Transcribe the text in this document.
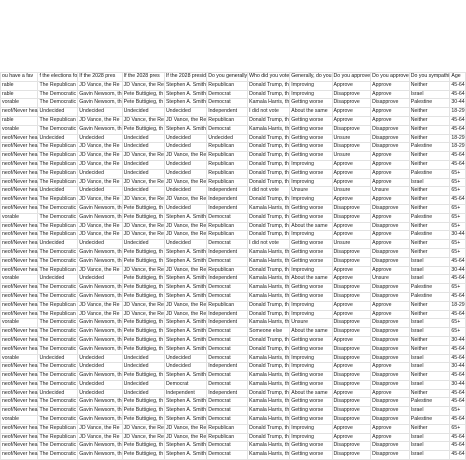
ou have a fav	f the elections fo	If the 2028 pres	If the 2028 pres	If the 2028 presid	Do you generally	Who did you vote	Generally, do you	Do you approve	Do you approve	Do you sympathi	Age
rable	The Republican	JD Vance, the Re	JD Vance, the Re	Stephen A. Smith	Republican	Donald Trump, th	Improving	Approve	Approve	Neither	45-64
rable	The Democratic	Gavin Newsom, th	Pete Buttigieg, th	Stephen A. Smith	Democrat	Donald Trump, th	Improving	Disapprove	Approve	Israel	45-64
vorable	The Democratic	Gavin Newsom, th	Pete Buttigieg, th	Stephen A. Smith	Democrat	Kamala Harris, th	Getting worse	Disapprove	Disapprove	Palestine	30-44
neof/Never hea	Undecided	Undecided	Undecided	Undecided	Independent	I did not vote	About the same	Approve	Approve	Neither	18-29
rable	The Republican	JD Vance, the Re	JD Vance, the Re	JD Vance, the Re	Republican	Donald Trump, th	Getting worse	Approve	Approve	Neither	45-64
vorable	The Democratic	Gavin Newsom, th	Pete Buttigieg, th	Stephen A. Smith	Democrat	Kamala Harris, th	Getting worse	Disapprove	Disapprove	Neither	45-64
neof/Never hea	Undecided	Undecided	Undecided	Undecided	Undecided	Donald Trump, th	Getting worse	Unsure	Disapprove	Neither	18-29
neof/Never hea	The Republican	JD Vance, the Re	Undecided	Undecided	Republican	Donald Trump, th	Getting worse	Disapprove	Disapprove	Palestine	18-29
neof/Never hea	The Republican	JD Vance, the Re	JD Vance, the Re	JD Vance, the Re	Republican	Donald Trump, th	Getting worse	Unsure	Approve	Neither	45-64
neof/Never hea	The Republican	JD Vance, the Re	Undecided	Undecided	Republican	Donald Trump, th	Improving	Approve	Approve	Neither	45-64
neof/Never hea	The Republican	Undecided	Undecided	Undecided	Republican	Donald Trump, th	Getting worse	Approve	Approve	Palestine	65+
neof/Never hea	The Republican	JD Vance, the Re	JD Vance, the Re	JD Vance, the Re	Republican	Donald Trump, th	Improving	Approve	Approve	Israel	65+
neof/Never hea	Undecided	Undecided	Undecided	Undecided	Independent	I did not vote	Unsure	Unsure	Unsure	Neither	65+
neof/Never hea	The Republican	JD Vance, the Re	JD Vance, the Re	JD Vance, the Re	Independent	Donald Trump, th	Improving	Approve	Approve	Neither	45-64
neof/Never hea	The Democratic	Gavin Newsom, th	Pete Buttigieg, th	Undecided	Independent	Kamala Harris, th	Getting worse	Disapprove	Disapprove	Neither	65+
vorable	The Democratic	Gavin Newsom, th	Pete Buttigieg, th	Stephen A. Smith	Democrat	Donald Trump, th	Getting worse	Disapprove	Approve	Palestine	65+
neof/Never hea	The Republican	JD Vance, the Re	JD Vance, the Re	JD Vance, the Re	Republican	Donald Trump, th	About the same	Approve	Disapprove	Neither	65+
neof/Never hea	The Republican	JD Vance, the Re	JD Vance, the Re	JD Vance, the Re	Republican	Donald Trump, th	Improving	Approve	Approve	Palestine	30-44
neof/Never hea	Undecided	Undecided	Undecided	Undecided	Democrat	I did not vote	Getting worse	Unsure	Approve	Neither	65+
neof/Never hea	The Democratic	Gavin Newsom, th	Pete Buttigieg, th	Stephen A. Smith	Independent	Kamala Harris, th	Getting worse	Disapprove	Disapprove	Neither	65+
neof/Never hea	The Democratic	Gavin Newsom, th	Pete Buttigieg, th	Stephen A. Smith	Democrat	Kamala Harris, th	Getting worse	Disapprove	Disapprove	Israel	45-64
neof/Never hea	The Republican	JD Vance, the Re	JD Vance, the Re	JD Vance, the Re	Republican	Donald Trump, th	Improving	Approve	Approve	Israel	30-44
vorable	Undecided	Undecided	Pete Buttigieg, th	Stephen A. Smith	Independent	Kamala Harris, th	About the same	Approve	Unsure	Israel	45-64
neof/Never hea	The Democratic	Gavin Newsom, th	Pete Buttigieg, th	Stephen A. Smith	Democrat	Kamala Harris, th	Getting worse	Disapprove	Disapprove	Palestine	65+
neof/Never hea	The Democratic	Gavin Newsom, th	Pete Buttigieg, th	Stephen A. Smith	Democrat	Kamala Harris, th	Getting worse	Disapprove	Disapprove	Palestine	45-64
neof/Never hea	The Republican	JD Vance, the Re	JD Vance, the Re	JD Vance, the Re	Republican	Donald Trump, th	Improving	Approve	Approve	Neither	18-29
neof/Never hea	The Republican	JD Vance, the Re	JD Vance, the Re	JD Vance, the Re	Independent	Donald Trump, th	Improving	Approve	Approve	Neither	45-64
vorable	The Democratic	Gavin Newsom, th	Pete Buttigieg, th	Stephen A. Smith	Independent	Kamala Harris, th	Unsure	Disapprove	Disapprove	Israel	65+
neof/Never hea	The Democratic	Gavin Newsom, th	Pete Buttigieg, th	Stephen A. Smith	Democrat	Someone else	About the same	Disapprove	Disapprove	Israel	65+
neof/Never hea	The Democratic	Gavin Newsom, th	Pete Buttigieg, th	Stephen A. Smith	Democrat	Donald Trump, th	Getting worse	Approve	Disapprove	Neither	30-44
neof/Never hea	The Democratic	Gavin Newsom, th	Pete Buttigieg, th	Stephen A. Smith	Democrat	Donald Trump, th	Getting worse	Disapprove	Disapprove	Neither	45-64
vorable	Undecided	Undecided	Undecided	Undecided	Democrat	Kamala Harris, th	Improving	Disapprove	Disapprove	Israel	45-64
neof/Never hea	The Democratic	Undecided	Undecided	Undecided	Independent	Donald Trump, th	Improving	Approve	Approve	Israel	30-44
neof/Never hea	The Democratic	Gavin Newsom, th	Pete Buttigieg, th	Stephen A. Smith	Democrat	Kamala Harris, th	Getting worse	Disapprove	Disapprove	Neither	45-64
neof/Never hea	The Democratic	Undecided	Undecided	Democrat	Democrat	Kamala Harris, th	Getting worse	Disapprove	Disapprove	Israel	30-44
neof/Never hea	Undecided	Undecided	Undecided	Independent	Independent	Donald Trump, th	About the same	Approve	Approve	Neither	45-64
neof/Never hea	The Democratic	Gavin Newsom, th	Pete Buttigieg, th	Stephen A. Smith	Democrat	Kamala Harris, th	Getting worse	Disapprove	Disapprove	Palestine	45-64
neof/Never hea	The Democratic	Gavin Newsom, th	Pete Buttigieg, th	Stephen A. Smith	Democrat	Kamala Harris, th	Getting worse	Disapprove	Disapprove	Israel	65+
vorable	The Democratic	Gavin Newsom, th	Pete Buttigieg, th	Stephen A. Smith	Democrat	Kamala Harris, th	Getting worse	Disapprove	Disapprove	Palestine	45-64
neof/Never hea	The Republican	JD Vance, the Re	JD Vance, the Re	JD Vance, the Re	Republican	Donald Trump, th	Improving	Approve	Approve	Neither	65+
neof/Never hea	The Republican	JD Vance, the Re	JD Vance, the Re	JD Vance, the Re	Republican	Donald Trump, th	Improving	Approve	Approve	Israel	45-64
neof/Never hea	The Democratic	Gavin Newsom, th	Pete Buttigieg, th	Stephen A. Smith	Democrat	Kamala Harris, th	Getting worse	Disapprove	Disapprove	Israel	45-64
neof/Never hea	The Democratic	Gavin Newsom, th	Pete Buttigieg, th	Stephen A. Smith	Democrat	Kamala Harris, th	Getting worse	Disapprove	Disapprove	Israel	45-64
